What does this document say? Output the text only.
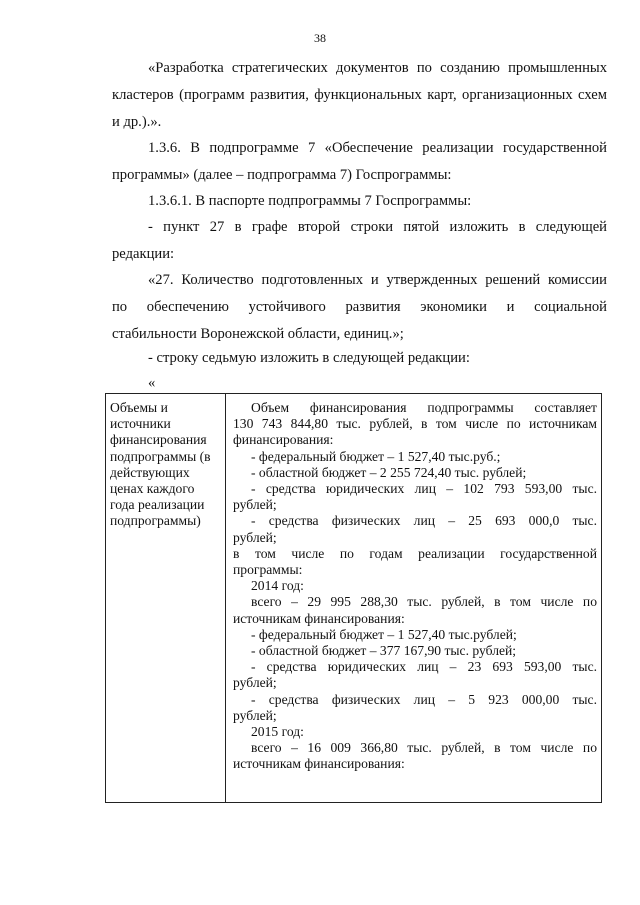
38

«Разработка стратегических документов по созданию промышленных

кластеров (программ развития, функциональных карт, организационных схем

и др.).».

1.3.6. В подпрограмме 7 «Обеспечение реализации государственной

программы» (далее – подпрограмма 7) Госпрограммы:

1.3.6.1. В паспорте подпрограммы 7 Госпрограммы:

- пункт 27 в графе второй строки пятой изложить в следующей

редакции:

«27. Количество подготовленных и утвержденных решений комиссии

по обеспечению устойчивого развития экономики и социальной

стабильности Воронежской области, единиц.»;

- строку седьмую изложить в следующей редакции:

«

Объемы и

источники

финансирования

подпрограммы (в

действующих

ценах каждого

года реализации

подпрограммы)

Объем финансирования подпрограммы составляет

130 743 844,80 тыс. рублей, в том числе по источникам

финансирования:

- федеральный бюджет – 1 527,40 тыс.руб.;

- областной бюджет – 2 255 724,40 тыс. рублей;

- средства юридических лиц – 102 793 593,00 тыс.

рублей;

- средства физических лиц – 25 693 000,0 тыс.

рублей;

в том числе по годам реализации государственной

программы:

2014 год:

всего – 29 995 288,30 тыс. рублей, в том числе по

источникам финансирования:

- федеральный бюджет – 1 527,40 тыс.рублей;

- областной бюджет – 377 167,90 тыс. рублей;

- средства юридических лиц – 23 693 593,00 тыс.

рублей;

- средства физических лиц – 5 923 000,00 тыс.

рублей;

2015 год:

всего – 16 009 366,80 тыс. рублей, в том числе по

источникам финансирования:
